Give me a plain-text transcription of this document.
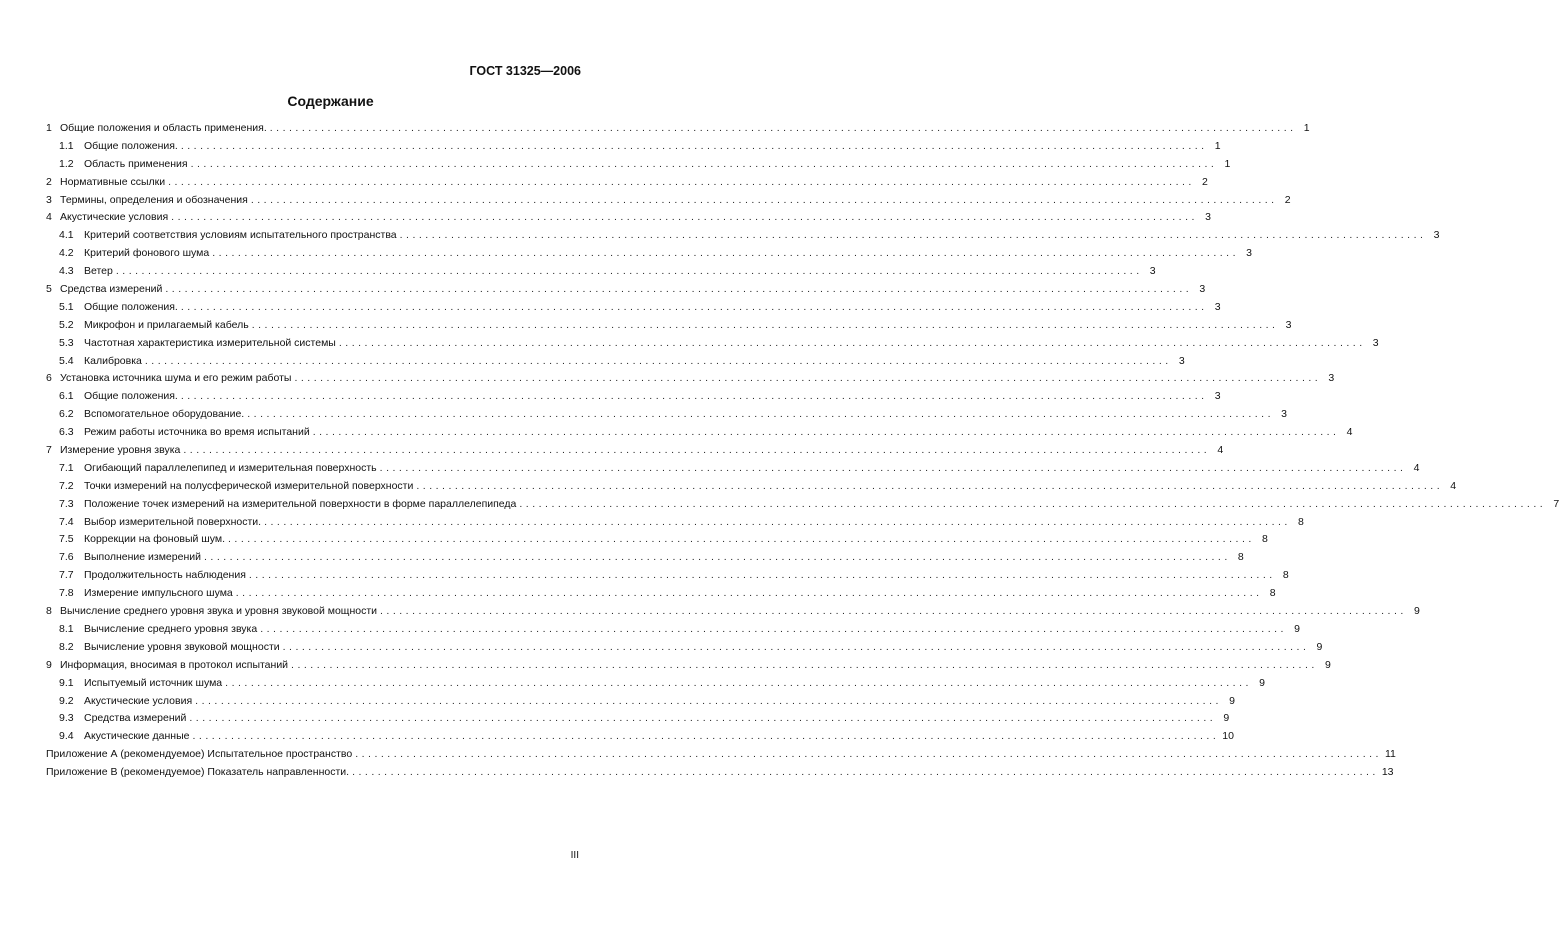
ГОСТ 31325—2006
Содержание
1 Общие положения и область применения. .....	1
1.1 Общие положения. .....	1
1.2 Область применения .....	1
2 Нормативные ссылки .....	2
3 Термины, определения и обозначения .....	2
4 Акустические условия .....	3
4.1 Критерий соответствия условиям испытательного пространства .....	3
4.2 Критерий фонового шума .....	3
4.3 Ветер .....	3
5 Средства измерений .....	3
5.1 Общие положения. .....	3
5.2 Микрофон и прилагаемый кабель .....	3
5.3 Частотная характеристика измерительной системы .....	3
5.4 Калибровка .....	3
6 Установка источника шума и его режим работы .....	3
6.1 Общие положения. .....	3
6.2 Вспомогательное оборудование. .....	3
6.3 Режим работы источника во время испытаний .....	4
7 Измерение уровня звука .....	4
7.1 Огибающий параллелепипед и измерительная поверхность .....	4
7.2 Точки измерений на полусферической измерительной поверхности .....	4
7.3 Положение точек измерений на измерительной поверхности в форме параллелепипеда .....	7
7.4 Выбор измерительной поверхности. .....	8
7.5 Коррекции на фоновый шум. .....	8
7.6 Выполнение измерений .....	8
7.7 Продолжительность наблюдения .....	8
7.8 Измерение импульсного шума .....	8
8 Вычисление среднего уровня звука и уровня звуковой мощности .....	9
8.1 Вычисление среднего уровня звука .....	9
8.2 Вычисление уровня звуковой мощности .....	9
9 Информация, вносимая в протокол испытаний .....	9
9.1 Испытуемый источник шума .....	9
9.2 Акустические условия .....	9
9.3 Средства измерений .....	9
9.4 Акустические данные .....	10
Приложение А (рекомендуемое) Испытательное пространство .....	11
Приложение В (рекомендуемое) Показатель направленности. .....	13
III
